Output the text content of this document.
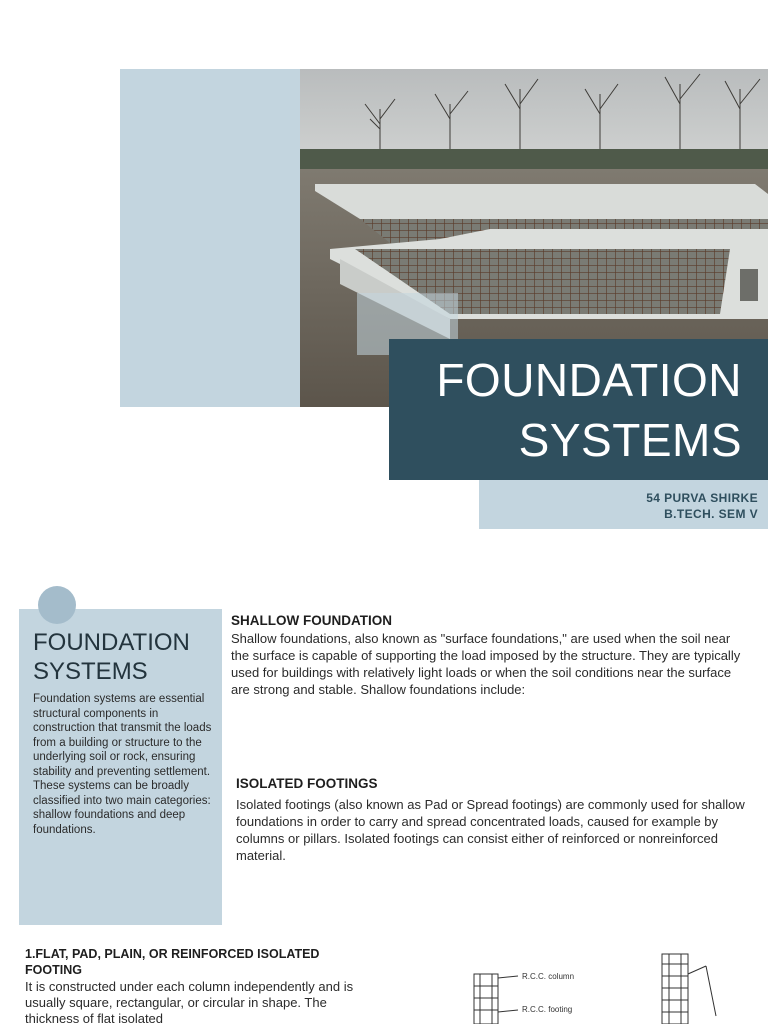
FOUNDATION
SYSTEMS
54 PURVA SHIRKE
B.TECH. SEM V
FOUNDATION
SYSTEMS
Foundation systems are essential structural components in construction that transmit the loads from a building or structure to the underlying soil or rock, ensuring stability and preventing settlement. These systems can be broadly classified into two main categories: shallow foundations and deep foundations.
SHALLOW FOUNDATION
Shallow foundations, also known as "surface foundations," are used when the soil near the surface is capable of supporting the load imposed by the structure. They are typically used for buildings with relatively light loads or when the soil conditions near the surface are strong and stable. Shallow foundations include:
ISOLATED FOOTINGS
Isolated footings (also known as Pad or Spread footings) are commonly used for shallow foundations in order to carry and spread concentrated loads, caused for example by columns or pillars. Isolated footings can consist either of reinforced or nonreinforced material.
1.FLAT, PAD, PLAIN, OR REINFORCED ISOLATED FOOTING
It is constructed under each column independently and is usually square, rectangular, or circular in shape. The thickness of flat isolated
R.C.C. column
R.C.C. footing
